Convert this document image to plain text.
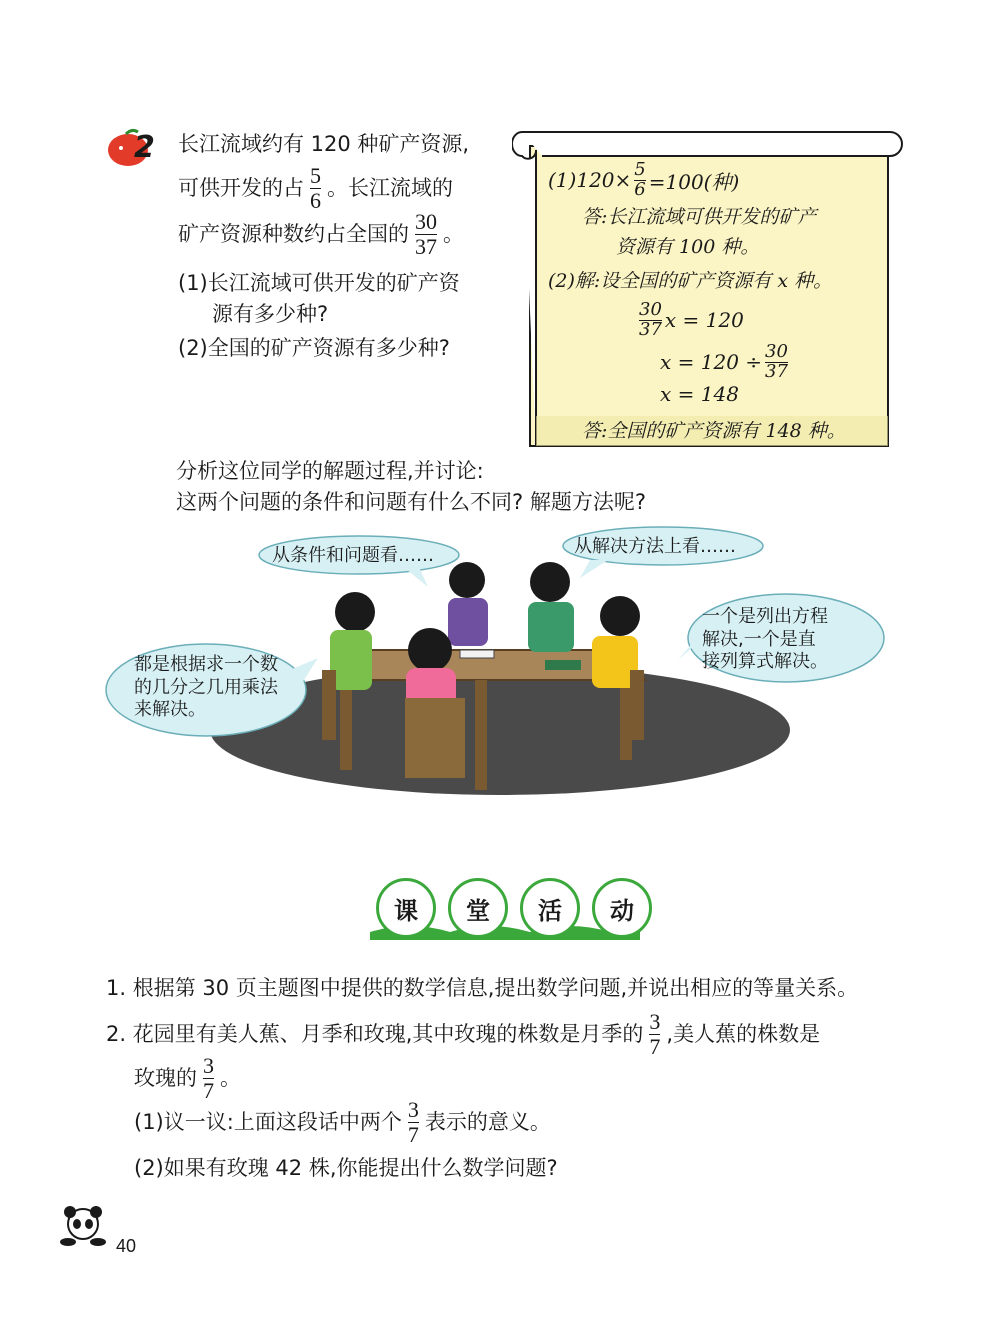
2 长江流域约有 120 种矿产资源,
可供开发的占 $\frac{5}{6}$ 。长江流域的
矿产资源种数约占全国的 $\frac{30}{37}$ 。
(1)长江流域可供开发的矿产资
源有多少种?
(2)全国的矿产资源有多少种?
(1) 120× 5
6 =100(种)
答:长江流域可供开发的矿产
资源有 100 种。
(2)解:设全国的矿产资源有 x 种。
30
37 x = 120
x = 120 ÷ 30
37
x = 148
答:全国的矿产资源有 148 种。
分析这位同学的解题过程,并讨论:
这两个问题的条件和问题有什么不同? 解题方法呢?
从条件和问题看……	从解决方法上看……
一个是列出方程
解决,一个是直
接列算式解决。
都是根据求一个数
的几分之几用乘法
来解决。
课	堂	活	动
1. 根据第 30 页主题图中提供的数学信息,提出数学问题,并说出相应的等量关系。
2. 花园里有美人蕉、月季和玫瑰,其中玫瑰的株数是月季的 $\frac{3}{7}$ ,美人蕉的株数是
玫瑰的 $\frac{3}{7}$ 。
(1)议一议:上面这段话中两个 $\frac{3}{7}$ 表示的意义。
(2)如果有玫瑰 42 株,你能提出什么数学问题?
40
